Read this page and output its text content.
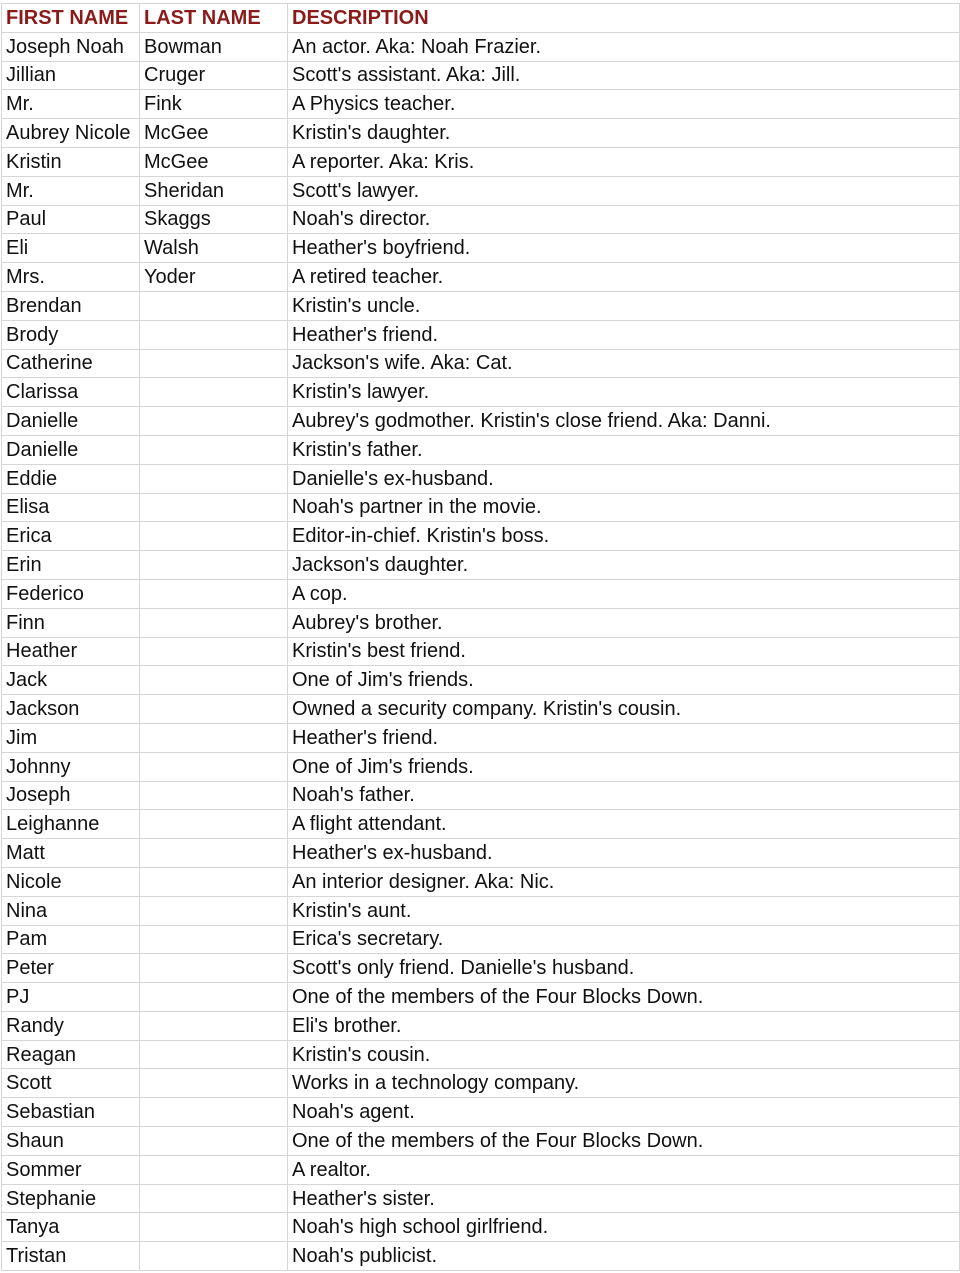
FIRST NAME	LAST NAME	DESCRIPTION
Joseph Noah	Bowman	An actor. Aka: Noah Frazier.
Jillian	Cruger	Scott's assistant. Aka: Jill.
Mr.	Fink	A Physics teacher.
Aubrey Nicole	McGee	Kristin's daughter.
Kristin	McGee	A reporter. Aka: Kris.
Mr.	Sheridan	Scott's lawyer.
Paul	Skaggs	Noah's director.
Eli	Walsh	Heather's boyfriend.
Mrs.	Yoder	A retired teacher.
Brendan		Kristin's uncle.
Brody		Heather's friend.
Catherine		Jackson's wife. Aka: Cat.
Clarissa		Kristin's lawyer.
Danielle		Aubrey's godmother. Kristin's close friend. Aka: Danni.
Danielle		Kristin's father.
Eddie		Danielle's ex-husband.
Elisa		Noah's partner in the movie.
Erica		Editor-in-chief. Kristin's boss.
Erin		Jackson's daughter.
Federico		A cop.
Finn		Aubrey's brother.
Heather		Kristin's best friend.
Jack		One of Jim's friends.
Jackson		Owned a security company. Kristin's cousin.
Jim		Heather's friend.
Johnny		One of Jim's friends.
Joseph		Noah's father.
Leighanne		A flight attendant.
Matt		Heather's ex-husband.
Nicole		An interior designer. Aka: Nic.
Nina		Kristin's aunt.
Pam		Erica's secretary.
Peter		Scott's only friend. Danielle's husband.
PJ		One of the members of the Four Blocks Down.
Randy		Eli's brother.
Reagan		Kristin's cousin.
Scott		Works in a technology company.
Sebastian		Noah's agent.
Shaun		One of the members of the Four Blocks Down.
Sommer		A realtor.
Stephanie		Heather's sister.
Tanya		Noah's high school girlfriend.
Tristan		Noah's publicist.
